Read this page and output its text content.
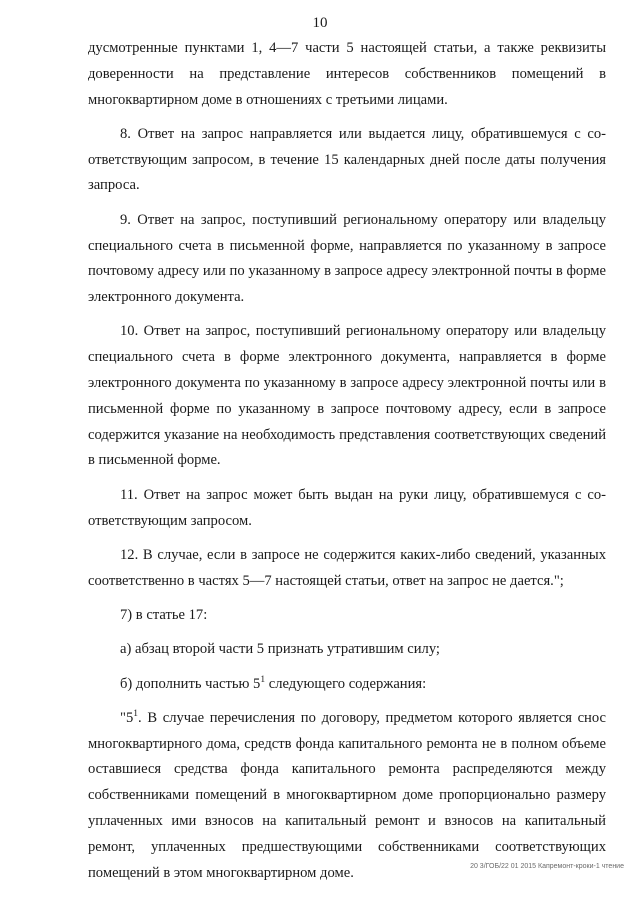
10

дусмотренные пунктами 1, 4—7 части 5 настоящей статьи, а также реквизиты доверенности на представление интересов собственников помещений в многоквартирном доме в отношениях с третьими лицами.

8. Ответ на запрос направляется или выдается лицу, обратившемуся с соответствующим запросом, в течение 15 календарных дней после даты получения запроса.

9. Ответ на запрос, поступивший региональному оператору или владельцу специального счета в письменной форме, направляется по указанному в запросе почтовому адресу или по указанному в запросе адресу электронной почты в форме электронного документа.

10. Ответ на запрос, поступивший региональному оператору или владельцу специального счета в форме электронного документа, направляется в форме электронного документа по указанному в запросе адресу электронной почты или в письменной форме по указанному в запросе почтовому адресу, если в запросе содержится указание на необходимость представления соответствующих сведений в письменной форме.

11. Ответ на запрос может быть выдан на руки лицу, обратившемуся с соответствующим запросом.

12. В случае, если в запросе не содержится каких-либо сведений, указанных соответственно в частях 5—7 настоящей статьи, ответ на запрос не дается.";

7) в статье 17:

а) абзац второй части 5 признать утратившим силу;

б) дополнить частью $5^1$ следующего содержания:

"$5^1$. В случае перечисления по договору, предметом которого является снос многоквартирного дома, средств фонда капитального ремонта не в полном объеме оставшиеся средства фонда капитального ремонта распределяются между собственниками помещений в многоквартирном доме пропорционально размеру уплаченных ими взносов на капитальный ремонт и взносов на капитальный ремонт, уплаченных предшествующими собственниками соответствующих помещений в этом многоквартирном доме.	20 3/ГОБ/22 01 2015 Капремонт-кроки-1 чтение
